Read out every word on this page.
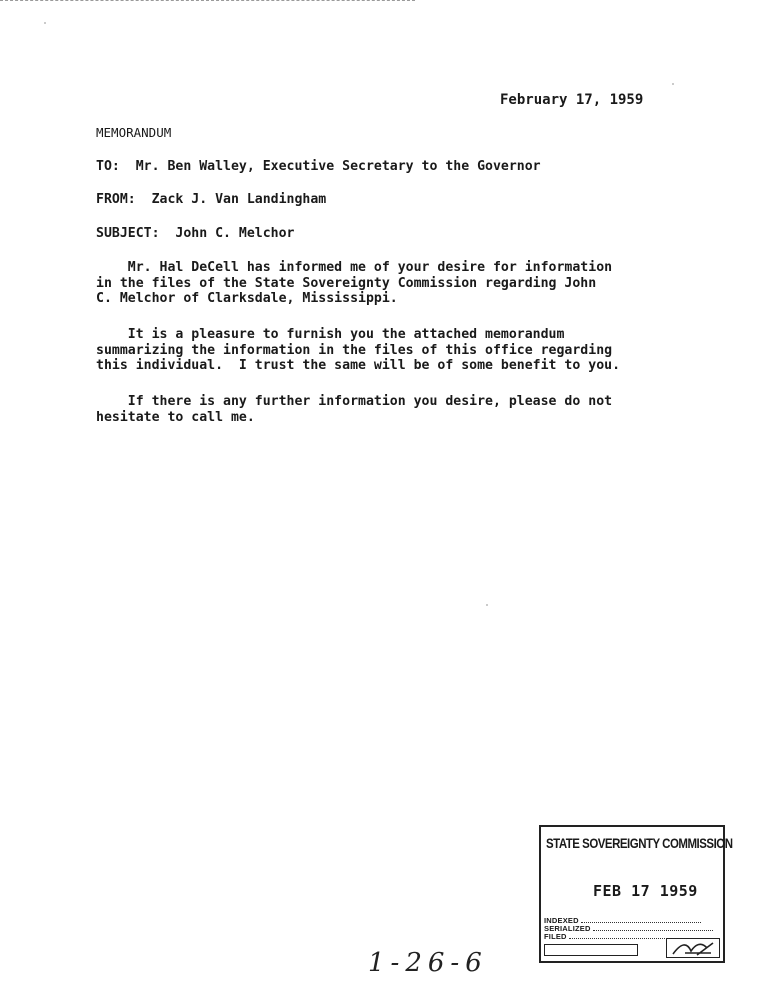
February 17, 1959
MEMORANDUM
TO:  Mr. Ben Walley, Executive Secretary to the Governor
FROM:  Zack J. Van Landingham
SUBJECT:  John C. Melchor
Mr. Hal DeCell has informed me of your desire for information
in the files of the State Sovereignty Commission regarding John
C. Melchor of Clarksdale, Mississippi.
It is a pleasure to furnish you the attached memorandum
summarizing the information in the files of this office regarding
this individual.  I trust the same will be of some benefit to you.
If there is any further information you desire, please do not
hesitate to call me.
STATE SOVEREIGNTY COMMISSION
FEB 17 1959
INDEXED
SERIALIZED
FILED
1-26-6
